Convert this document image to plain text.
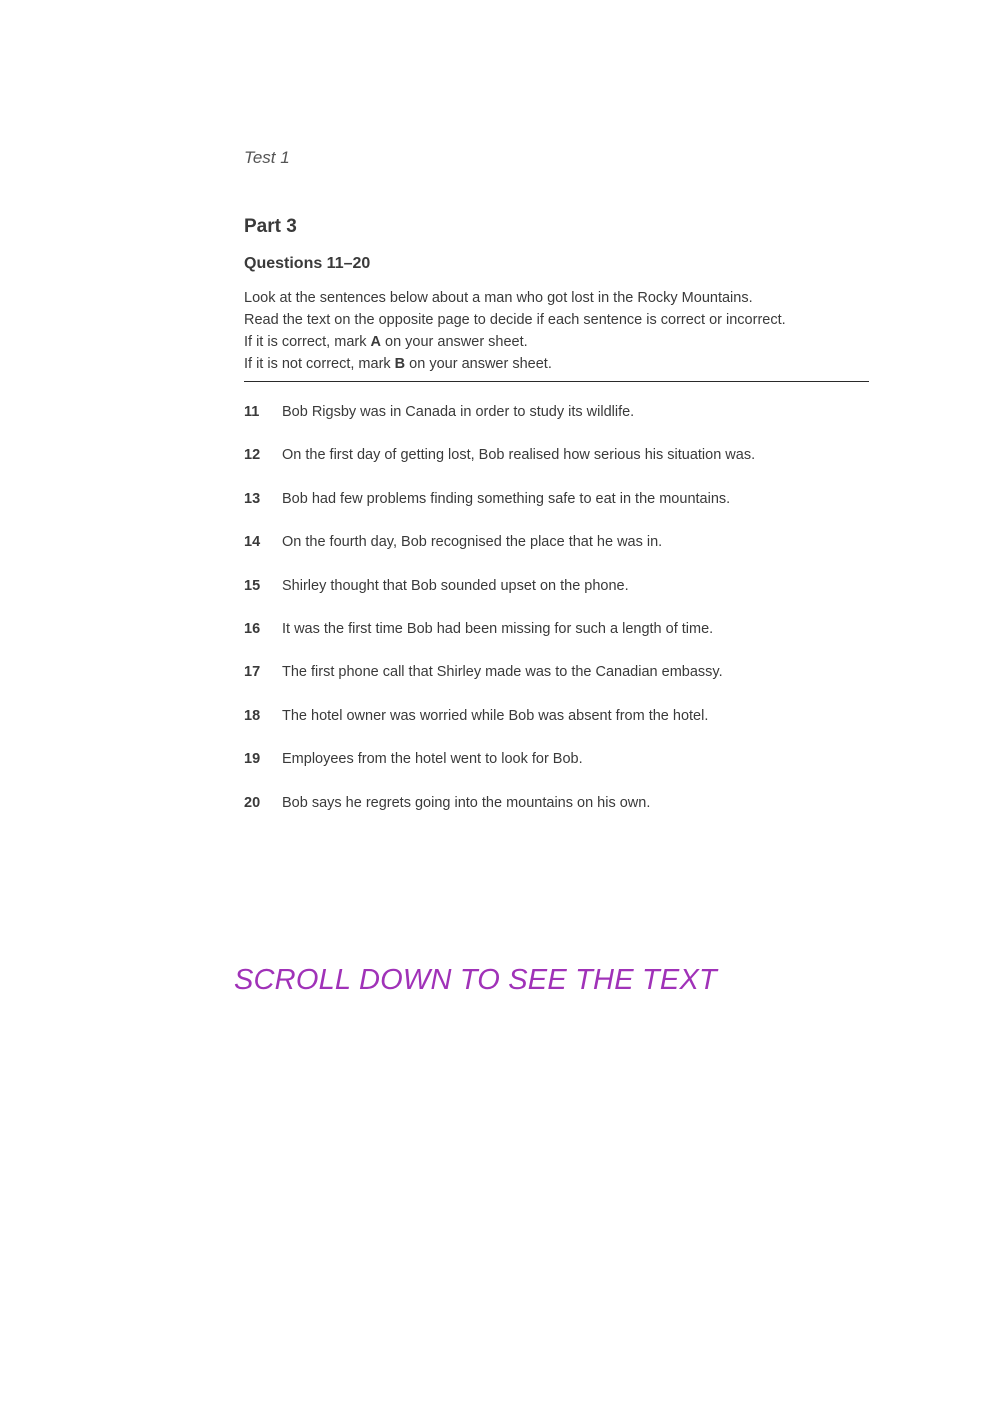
Test 1
Part 3
Questions 11–20
Look at the sentences below about a man who got lost in the Rocky Mountains.
Read the text on the opposite page to decide if each sentence is correct or incorrect.
If it is correct, mark A on your answer sheet.
If it is not correct, mark B on your answer sheet.
11	Bob Rigsby was in Canada in order to study its wildlife.
12	On the first day of getting lost, Bob realised how serious his situation was.
13	Bob had few problems finding something safe to eat in the mountains.
14	On the fourth day, Bob recognised the place that he was in.
15	Shirley thought that Bob sounded upset on the phone.
16	It was the first time Bob had been missing for such a length of time.
17	The first phone call that Shirley made was to the Canadian embassy.
18	The hotel owner was worried while Bob was absent from the hotel.
19	Employees from the hotel went to look for Bob.
20	Bob says he regrets going into the mountains on his own.
SCROLL DOWN TO SEE THE TEXT
